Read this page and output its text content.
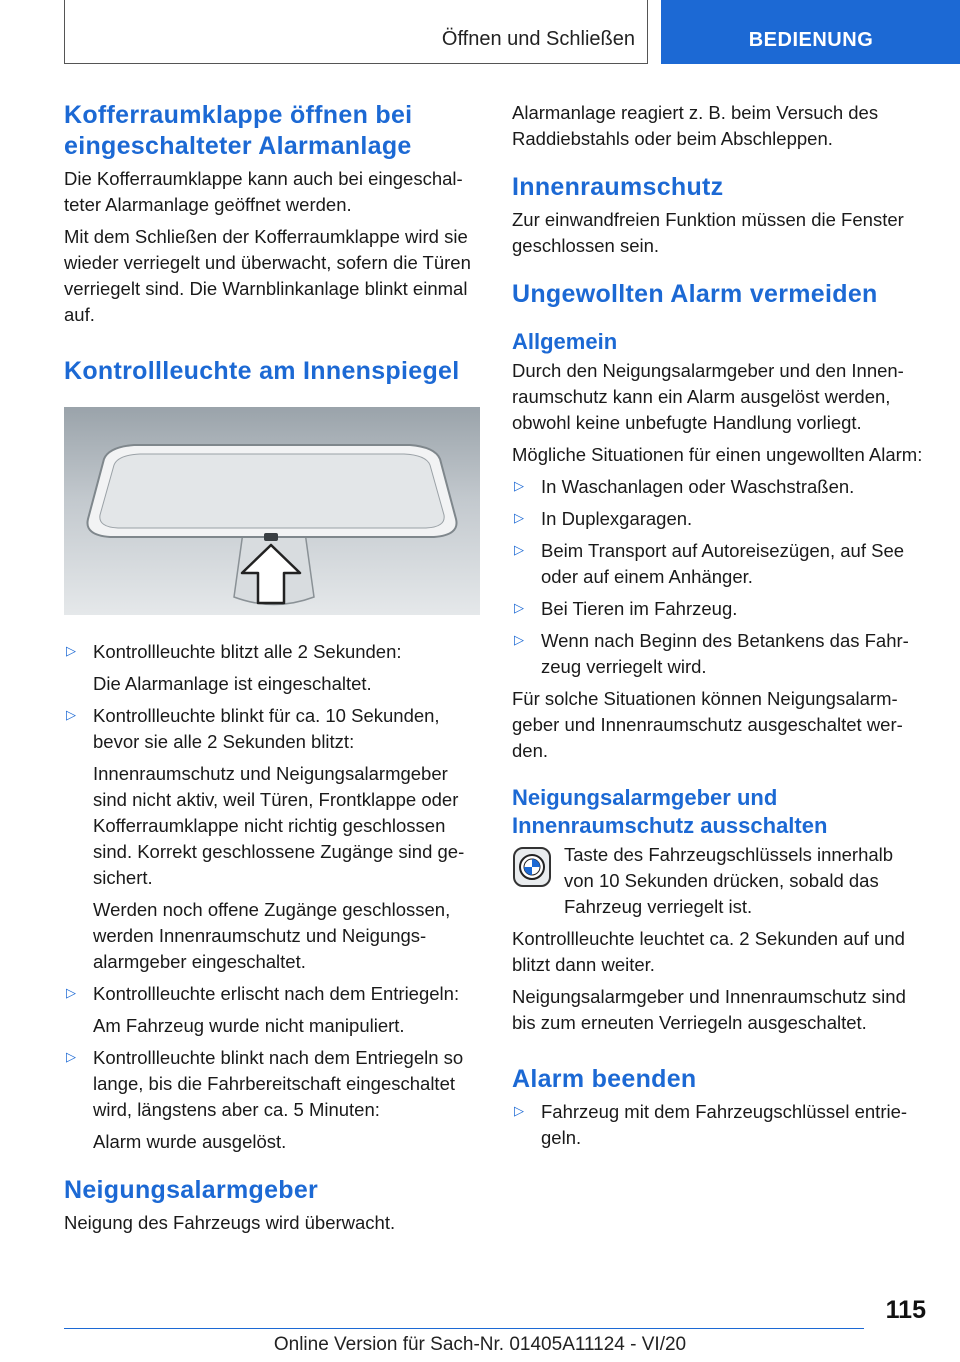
Öffnen und Schließen	BEDIENUNG
Kofferraumklappe öffnen bei eingeschalteter Alarmanlage

Die Kofferraumklappe kann auch bei eingeschal-teter Alarmanlage geöffnet werden.

Mit dem Schließen der Kofferraumklappe wird sie wieder verriegelt und überwacht, sofern die Türen verriegelt sind. Die Warnblinkanlage blinkt einmal auf.

Kontrollleuchte am Innenspiegel
▷ Kontrollleuchte blitzt alle 2 Sekunden:

Die Alarmanlage ist eingeschaltet.

▷ Kontrollleuchte blinkt für ca. 10 Sekunden, bevor sie alle 2 Sekunden blitzt:

Innenraumschutz und Neigungsalarmgeber sind nicht aktiv, weil Türen, Frontklappe oder Kofferraumklappe nicht richtig geschlossen sind. Korrekt geschlossene Zugänge sind ge-sichert.

Werden noch offene Zugänge geschlossen, werden Innenraumschutz und Neigungs-alarmgeber eingeschaltet.

▷ Kontrollleuchte erlischt nach dem Entriegeln:

Am Fahrzeug wurde nicht manipuliert.

▷ Kontrollleuchte blinkt nach dem Entriegeln so lange, bis die Fahrbereitschaft eingeschaltet wird, längstens aber ca. 5 Minuten:

Alarm wurde ausgelöst.

Neigungsalarmgeber

Neigung des Fahrzeugs wird überwacht.

Alarmanlage reagiert z. B. beim Versuch des Raddiebstahls oder beim Abschleppen.

Innenraumschutz

Zur einwandfreien Funktion müssen die Fenster geschlossen sein.

Ungewollten Alarm vermeiden
Allgemein

Durch den Neigungsalarmgeber und den Innen-raumschutz kann ein Alarm ausgelöst werden, obwohl keine unbefugte Handlung vorliegt.

Mögliche Situationen für einen ungewollten Alarm:

▷ In Waschanlagen oder Waschstraßen.

▷ In Duplexgaragen.

▷ Beim Transport auf Autoreisezügen, auf See oder auf einem Anhänger.

▷ Bei Tieren im Fahrzeug.

▷ Wenn nach Beginn des Betankens das Fahr-zeug verriegelt wird.

Für solche Situationen können Neigungsalarm-geber und Innenraumschutz ausgeschaltet wer-den.

Neigungsalarmgeber und Innenraumschutz ausschalten

Taste des Fahrzeugschlüssels innerhalb von 10 Sekunden drücken, sobald das Fahrzeug verriegelt ist.

Kontrollleuchte leuchtet ca. 2 Sekunden auf und blitzt dann weiter.

Neigungsalarmgeber und Innenraumschutz sind bis zum erneuten Verriegeln ausgeschaltet.

Alarm beenden
▷ Fahrzeug mit dem Fahrzeugschlüssel entrie-geln.

115
Online Version für Sach-Nr. 01405A11124 - VI/20
